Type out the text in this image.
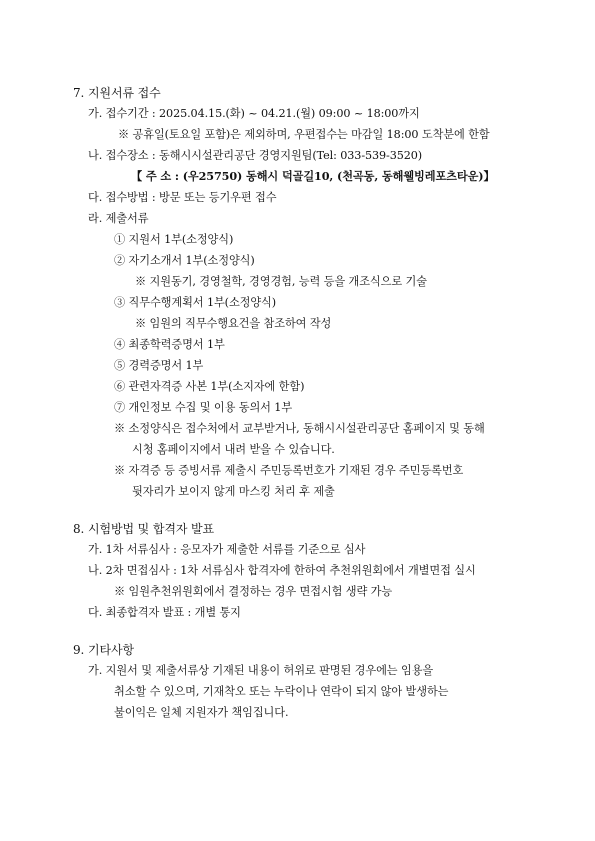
7. 지원서류 접수
가. 접수기간 : 2025.04.15.(화) ~ 04.21.(월) 09:00 ~ 18:00까지
※ 공휴일(토요일 포함)은 제외하며, 우편접수는 마감일 18:00 도착분에 한함
나. 접수장소 : 동해시시설관리공단 경영지원팀(Tel: 033-539-3520)
【 주 소 : (우25750) 동해시 덕골길10, (천곡동, 동해웰빙레포츠타운)】
다. 접수방법 : 방문 또는 등기우편 접수
라. 제출서류
① 지원서 1부(소정양식)
② 자기소개서 1부(소정양식)
※ 지원동기, 경영철학, 경영경험, 능력 등을 개조식으로 기술
③ 직무수행계획서 1부(소정양식)
※ 임원의 직무수행요건을 참조하여 작성
④ 최종학력증명서 1부
⑤ 경력증명서 1부
⑥ 관련자격증 사본 1부(소지자에 한함)
⑦ 개인정보 수집 및 이용 동의서 1부
※ 소정양식은 접수처에서 교부받거나, 동해시시설관리공단 홈페이지 및 동해
시청 홈페이지에서 내려 받을 수 있습니다.
※ 자격증 등 증빙서류 제출시 주민등록번호가 기재된 경우 주민등록번호
뒷자리가 보이지 않게 마스킹 처리 후 제출
8. 시험방법 및 합격자 발표
가. 1차 서류심사 : 응모자가 제출한 서류를 기준으로 심사
나. 2차 면접심사 : 1차 서류심사 합격자에 한하여 추천위원회에서 개별면접 실시
※ 임원추천위원회에서 결정하는 경우 면접시험 생략 가능
다. 최종합격자 발표 : 개별 통지
9. 기타사항
가. 지원서 및 제출서류상 기재된 내용이 허위로 판명된 경우에는 임용을
취소할 수 있으며, 기재착오 또는 누락이나 연락이 되지 않아 발생하는
불이익은 일체 지원자가 책임집니다.
